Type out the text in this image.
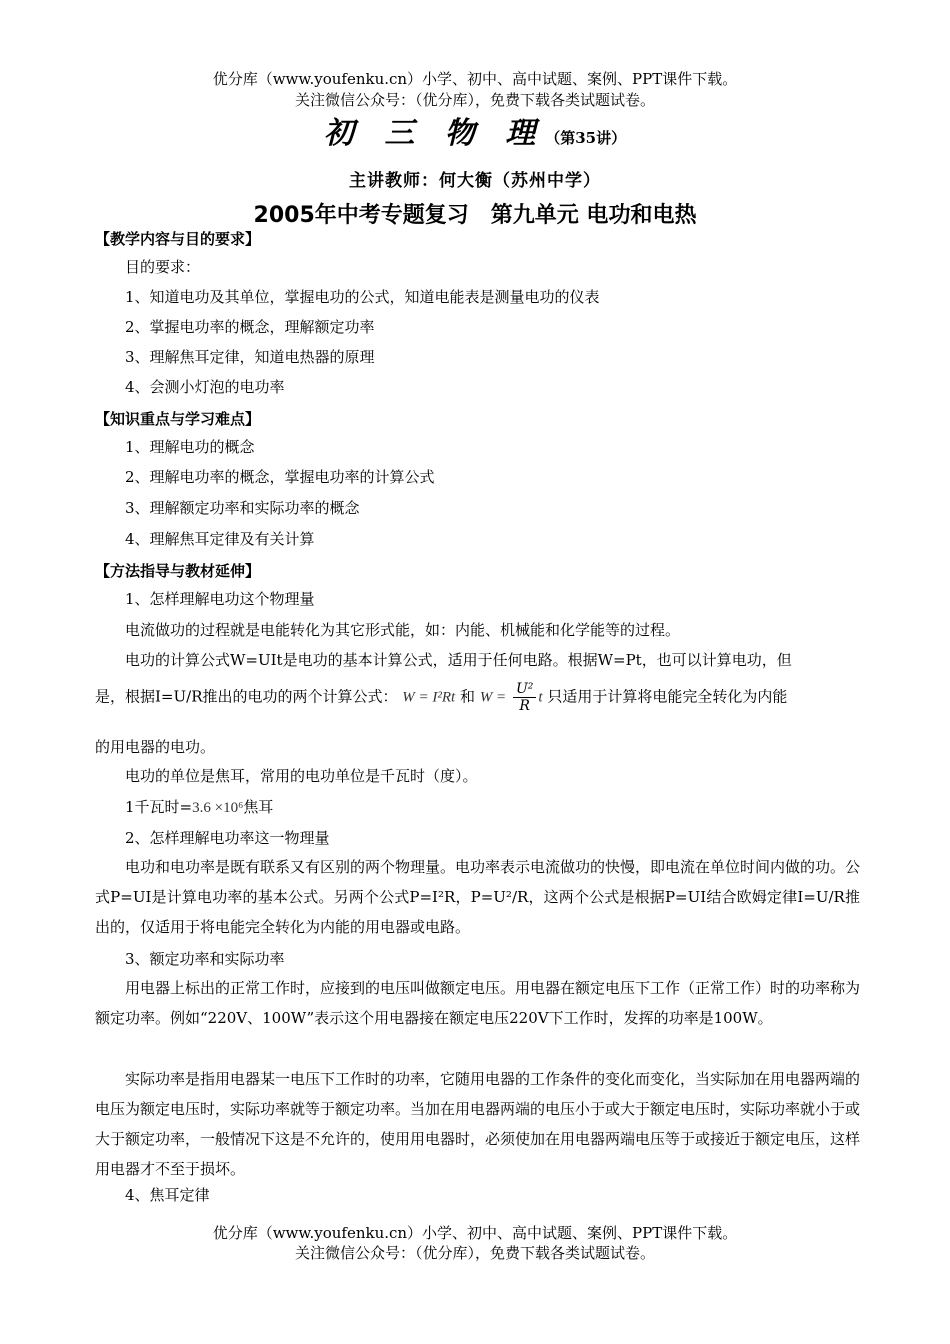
优分库（www.youfenku.cn）小学、初中、高中试题、案例、PPT课件下载。
关注微信公众号：（优分库），免费下载各类试题试卷。
初 三 物 理（第35讲）
主讲教师：何大衡（苏州中学）
2005年中考专题复习　第九单元 电功和电热
【教学内容与目的要求】
目的要求：
1、知道电功及其单位，掌握电功的公式，知道电能表是测量电功的仪表
2、掌握电功率的概念，理解额定功率
3、理解焦耳定律，知道电热器的原理
4、会测小灯泡的电功率
【知识重点与学习难点】
1、理解电功的概念
2、理解电功率的概念，掌握电功率的计算公式
3、理解额定功率和实际功率的概念
4、理解焦耳定律及有关计算
【方法指导与教材延伸】
1、怎样理解电功这个物理量
电流做功的过程就是电能转化为其它形式能，如：内能、机械能和化学能等的过程。
电功的计算公式W=UIt是电功的基本计算公式，适用于任何电路。根据W=Pt，也可以计算电功，但
是，根据I=U/R推出的电功的两个计算公式： W = I²Rt 和 $W = \frac{\text{U²}}{R}$ t 只适用于计算将电能完全转化为内能
的用电器的电功。
电功的单位是焦耳，常用的电功单位是千瓦时（度）。
1千瓦时=3.6 ×10⁶焦耳
2、怎样理解电功率这一物理量
电功和电功率是既有联系又有区别的两个物理量。电功率表示电流做功的快慢，即电流在单位时间内做的功。公式P=UI是计算电功率的基本公式。另两个公式P=I²R，P=U²/R，这两个公式是根据P=UI结合欧姆定律I=U/R推出的，仅适用于将电能完全转化为内能的用电器或电路。
3、额定功率和实际功率
用电器上标出的正常工作时，应接到的电压叫做额定电压。用电器在额定电压下工作（正常工作）时的功率称为额定功率。例如“220V、100W”表示这个用电器接在额定电压220V下工作时，发挥的功率是100W。
实际功率是指用电器某一电压下工作时的功率，它随用电器的工作条件的变化而变化，当实际加在用电器两端的电压为额定电压时，实际功率就等于额定功率。当加在用电器两端的电压小于或大于额定电压时，实际功率就小于或大于额定功率，一般情况下这是不允许的，使用用电器时，必须使加在用电器两端电压等于或接近于额定电压，这样用电器才不至于损坏。
4、焦耳定律
优分库（www.youfenku.cn）小学、初中、高中试题、案例、PPT课件下载。
关注微信公众号：（优分库），免费下载各类试题试卷。
